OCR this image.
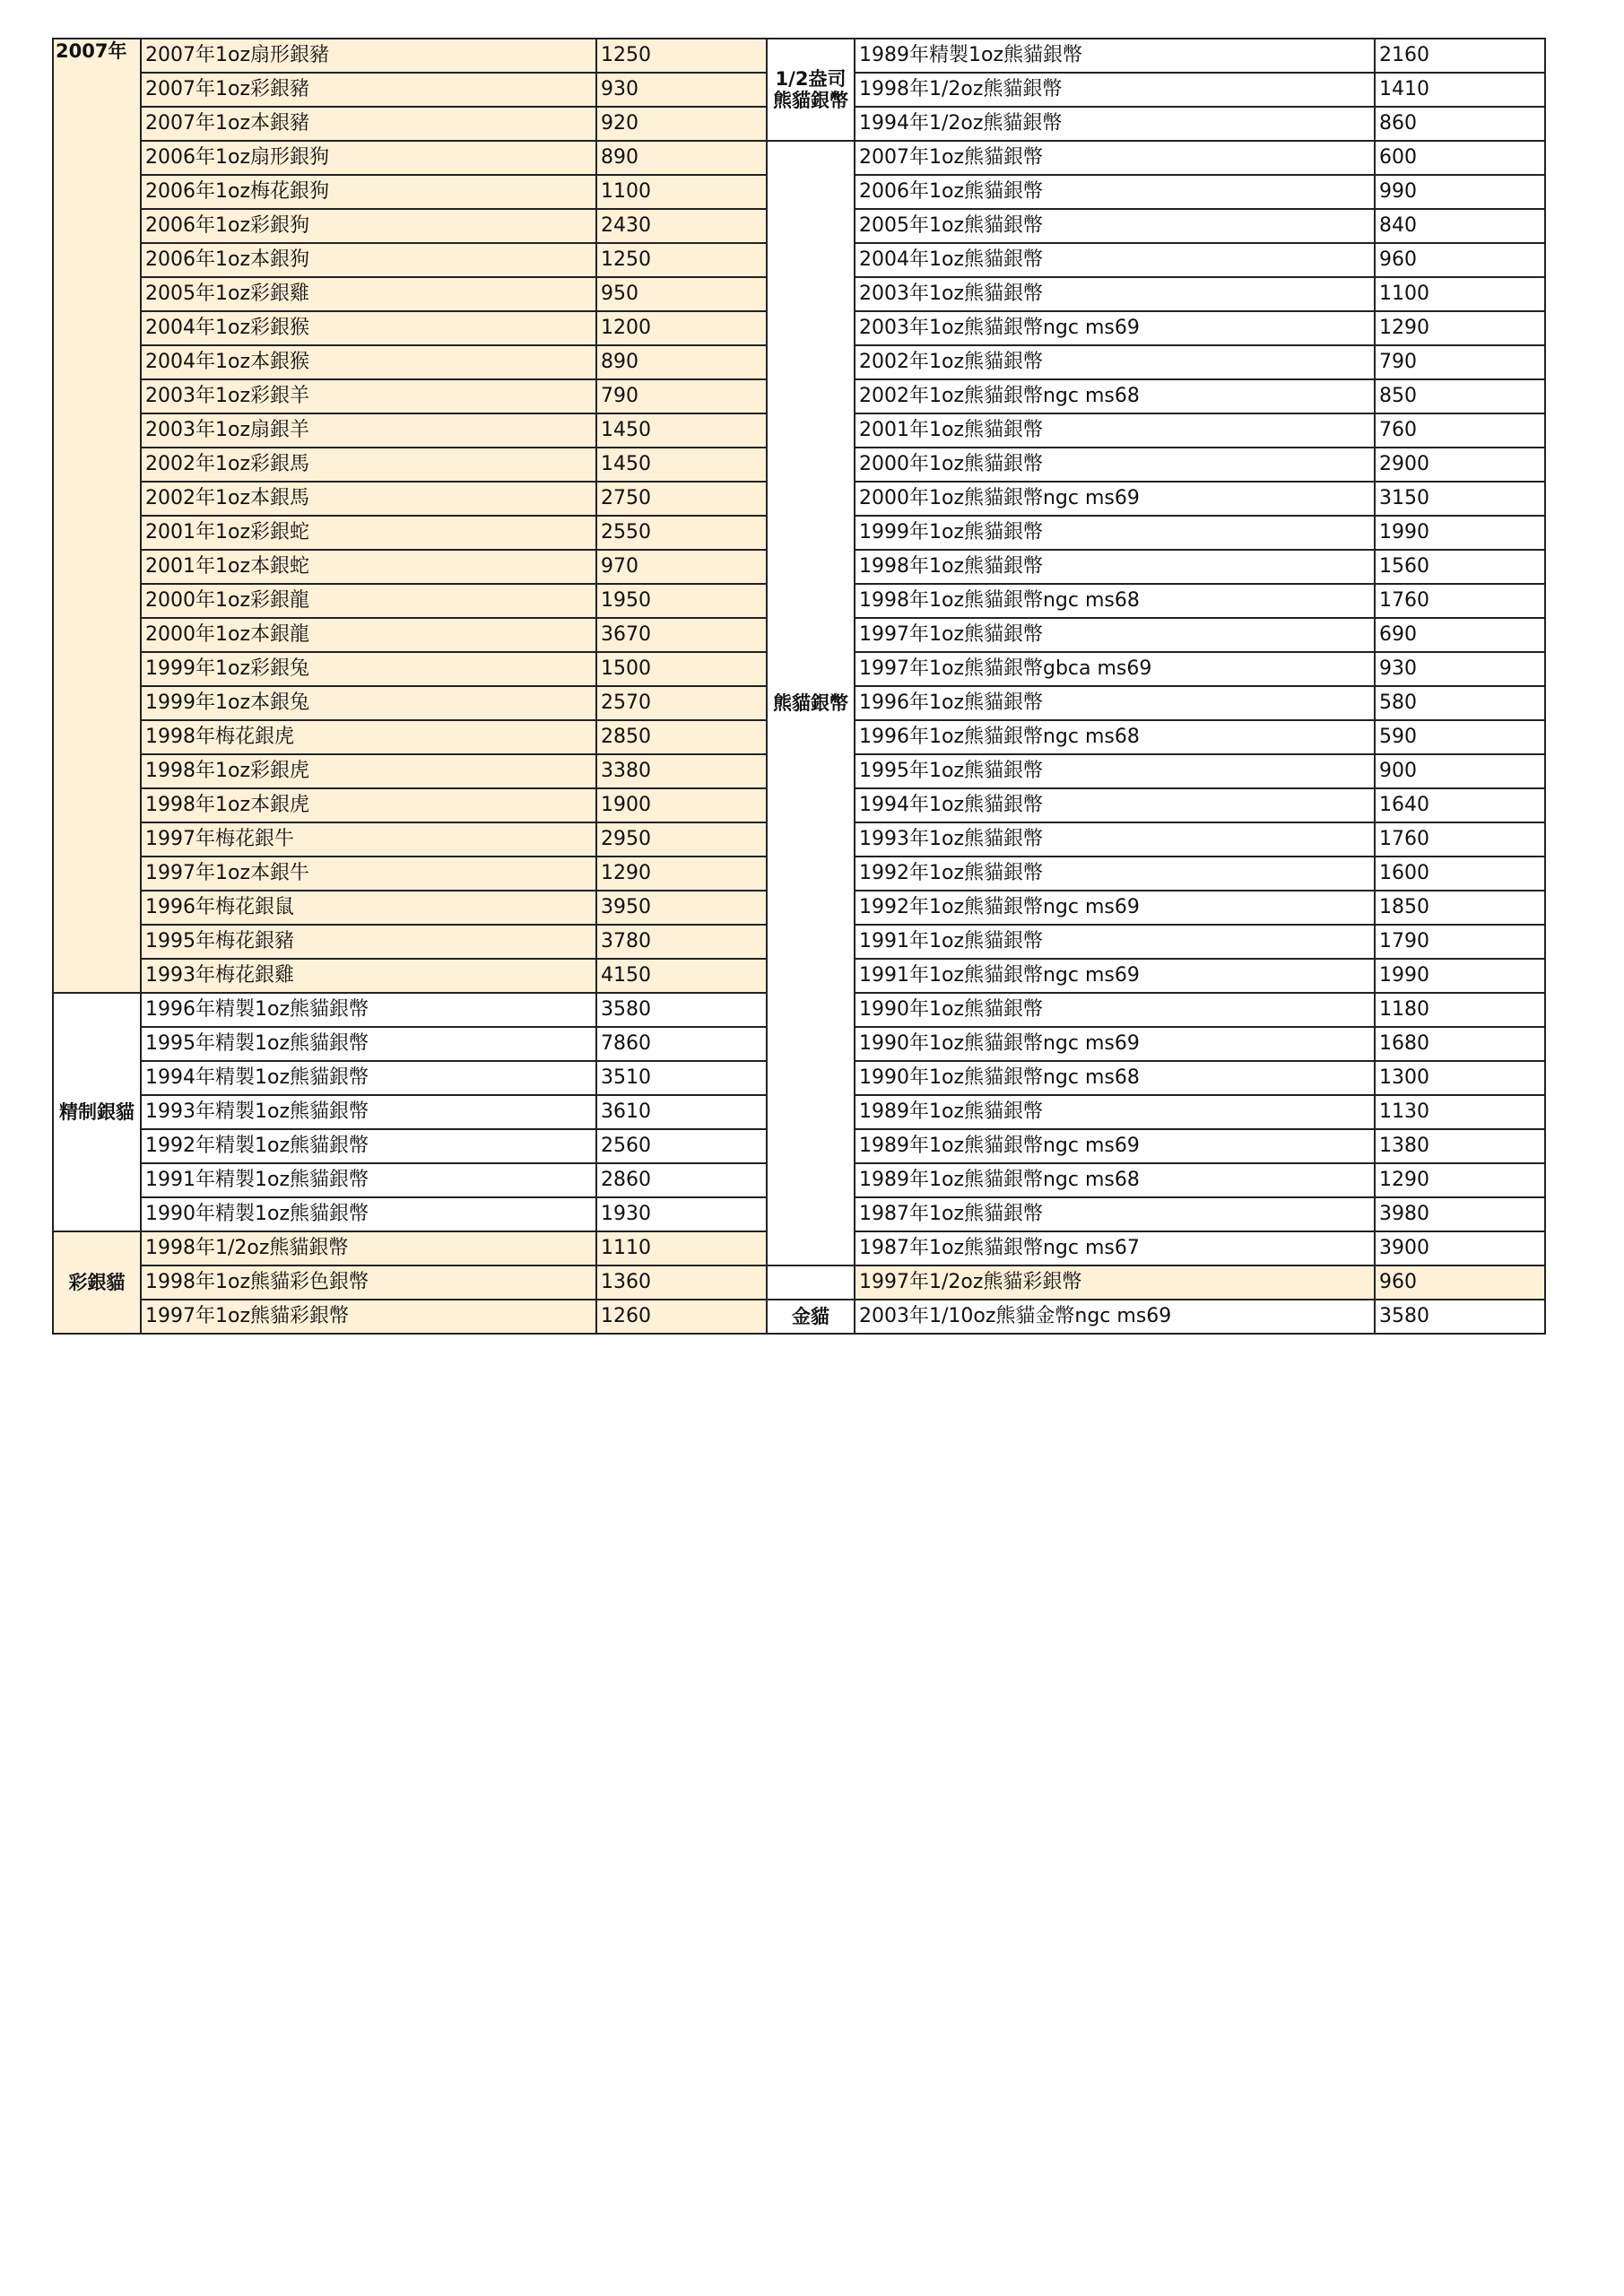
2007年	2007年1oz扇形銀豬	1250	1/2盎司熊貓銀幣	1989年精製1oz熊貓銀幣	2160
	2007年1oz彩銀豬	930		1998年1/2oz熊貓銀幣	1410
	2007年1oz本銀豬	920		1994年1/2oz熊貓銀幣	860
	2006年1oz扇形銀狗	890	熊貓銀幣	2007年1oz熊貓銀幣	600
	2006年1oz梅花銀狗	1100		2006年1oz熊貓銀幣	990
	2006年1oz彩銀狗	2430		2005年1oz熊貓銀幣	840
	2006年1oz本銀狗	1250		2004年1oz熊貓銀幣	960
	2005年1oz彩銀雞	950		2003年1oz熊貓銀幣	1100
	2004年1oz彩銀猴	1200		2003年1oz熊貓銀幣ngc ms69	1290
	2004年1oz本銀猴	890		2002年1oz熊貓銀幣	790
	2003年1oz彩銀羊	790		2002年1oz熊貓銀幣ngc ms68	850
	2003年1oz扇銀羊	1450		2001年1oz熊貓銀幣	760
	2002年1oz彩銀馬	1450		2000年1oz熊貓銀幣	2900
	2002年1oz本銀馬	2750		2000年1oz熊貓銀幣ngc ms69	3150
	2001年1oz彩銀蛇	2550		1999年1oz熊貓銀幣	1990
	2001年1oz本銀蛇	970		1998年1oz熊貓銀幣	1560
	2000年1oz彩銀龍	1950		1998年1oz熊貓銀幣ngc ms68	1760
	2000年1oz本銀龍	3670		1997年1oz熊貓銀幣	690
	1999年1oz彩銀兔	1500		1997年1oz熊貓銀幣gbca ms69	930
	1999年1oz本銀兔	2570		1996年1oz熊貓銀幣	580
	1998年梅花銀虎	2850		1996年1oz熊貓銀幣ngc ms68	590
	1998年1oz彩銀虎	3380		1995年1oz熊貓銀幣	900
	1998年1oz本銀虎	1900		1994年1oz熊貓銀幣	1640
	1997年梅花銀牛	2950		1993年1oz熊貓銀幣	1760
	1997年1oz本銀牛	1290		1992年1oz熊貓銀幣	1600
	1996年梅花銀鼠	3950		1992年1oz熊貓銀幣ngc ms69	1850
	1995年梅花銀豬	3780		1991年1oz熊貓銀幣	1790
	1993年梅花銀雞	4150		1991年1oz熊貓銀幣ngc ms69	1990

精制銀貓	1996年精製1oz熊貓銀幣	3580		1990年1oz熊貓銀幣	1180
	1995年精製1oz熊貓銀幣	7860		1990年1oz熊貓銀幣ngc ms69	1680
	1994年精製1oz熊貓銀幣	3510		1990年1oz熊貓銀幣ngc ms68	1300
	1993年精製1oz熊貓銀幣	3610		1989年1oz熊貓銀幣	1130
	1992年精製1oz熊貓銀幣	2560		1989年1oz熊貓銀幣ngc ms69	1380
	1991年精製1oz熊貓銀幣	2860		1989年1oz熊貓銀幣ngc ms68	1290
	1990年精製1oz熊貓銀幣	1930		1987年1oz熊貓銀幣	3980

彩銀貓	1998年1/2oz熊貓銀幣	1110		1987年1oz熊貓銀幣ngc ms67	3900
	1998年1oz熊貓彩色銀幣	1360		1997年1/2oz熊貓彩銀幣	960
	1997年1oz熊貓彩銀幣	1260	金貓	2003年1/10oz熊貓金幣ngc ms69	3580
